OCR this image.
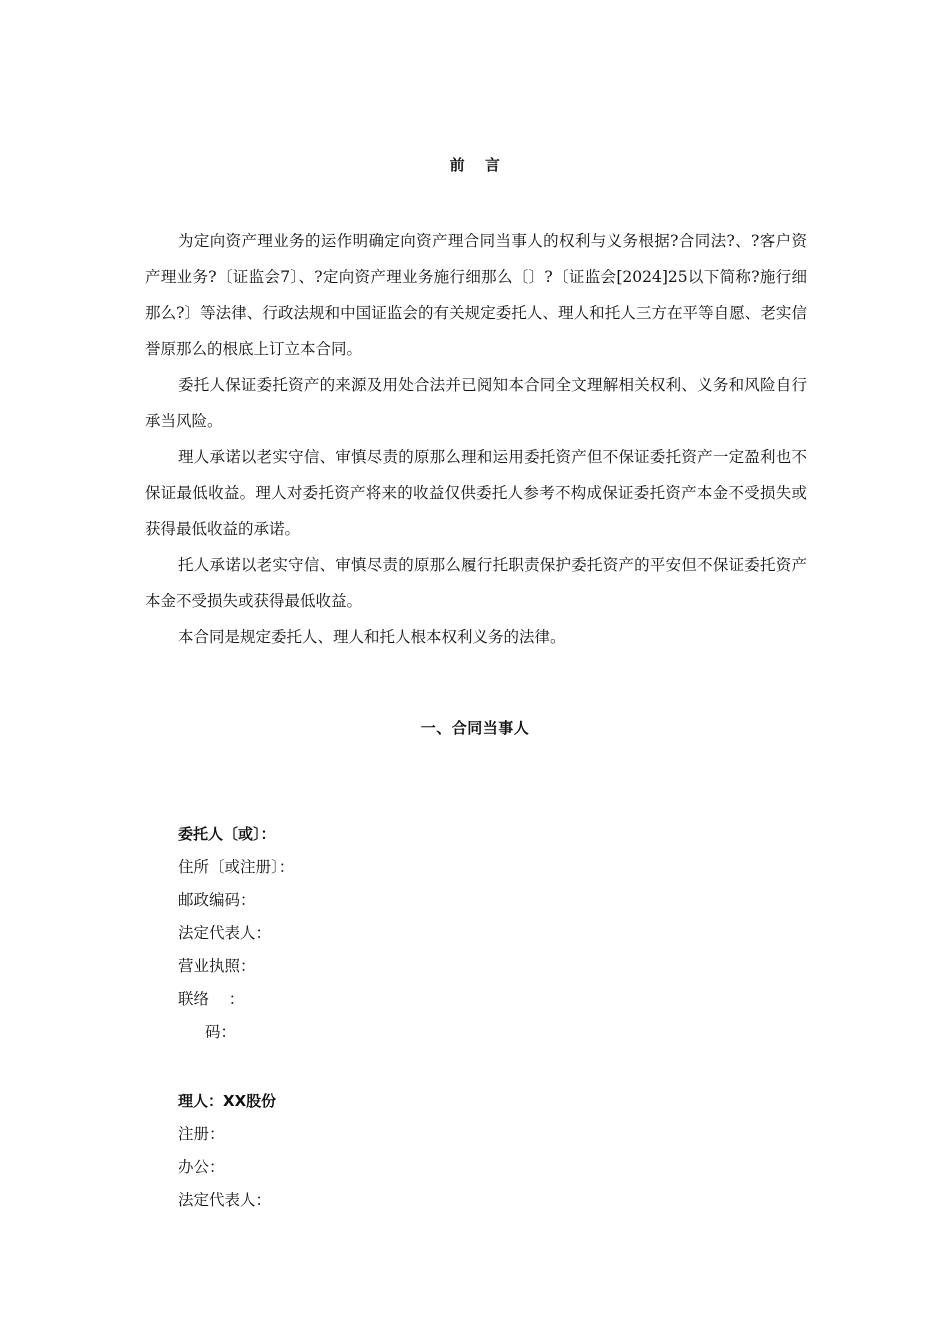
前 言

为定向资产理业务的运作明确定向资产理合同当事人的权利与义务根据?合同法?、?客户资产理业务?〔证监会7〕、?定向资产理业务施行细那么〔〕?〔证监会[2024]25以下简称?施行细那么?〕等法律、行政法规和中国证监会的有关规定委托人、理人和托人三方在平等自愿、老实信誉原那么的根底上订立本合同。

委托人保证委托资产的来源及用处合法并已阅知本合同全文理解相关权利、义务和风险自行承当风险。

理人承诺以老实守信、审慎尽责的原那么理和运用委托资产但不保证委托资产一定盈利也不保证最低收益。理人对委托资产将来的收益仅供委托人参考不构成保证委托资产本金不受损失或获得最低收益的承诺。

托人承诺以老实守信、审慎尽责的原那么履行托职责保护委托资产的平安但不保证委托资产本金不受损失或获得最低收益。

本合同是规定委托人、理人和托人根本权利义务的法律。

一、合同当事人
委托人〔或〕：
住所〔或注册〕：
邮政编码：
法定代表人：
营业执照：
联络    ：
码：
理人：XX股份
注册：
办公：
法定代表人：
